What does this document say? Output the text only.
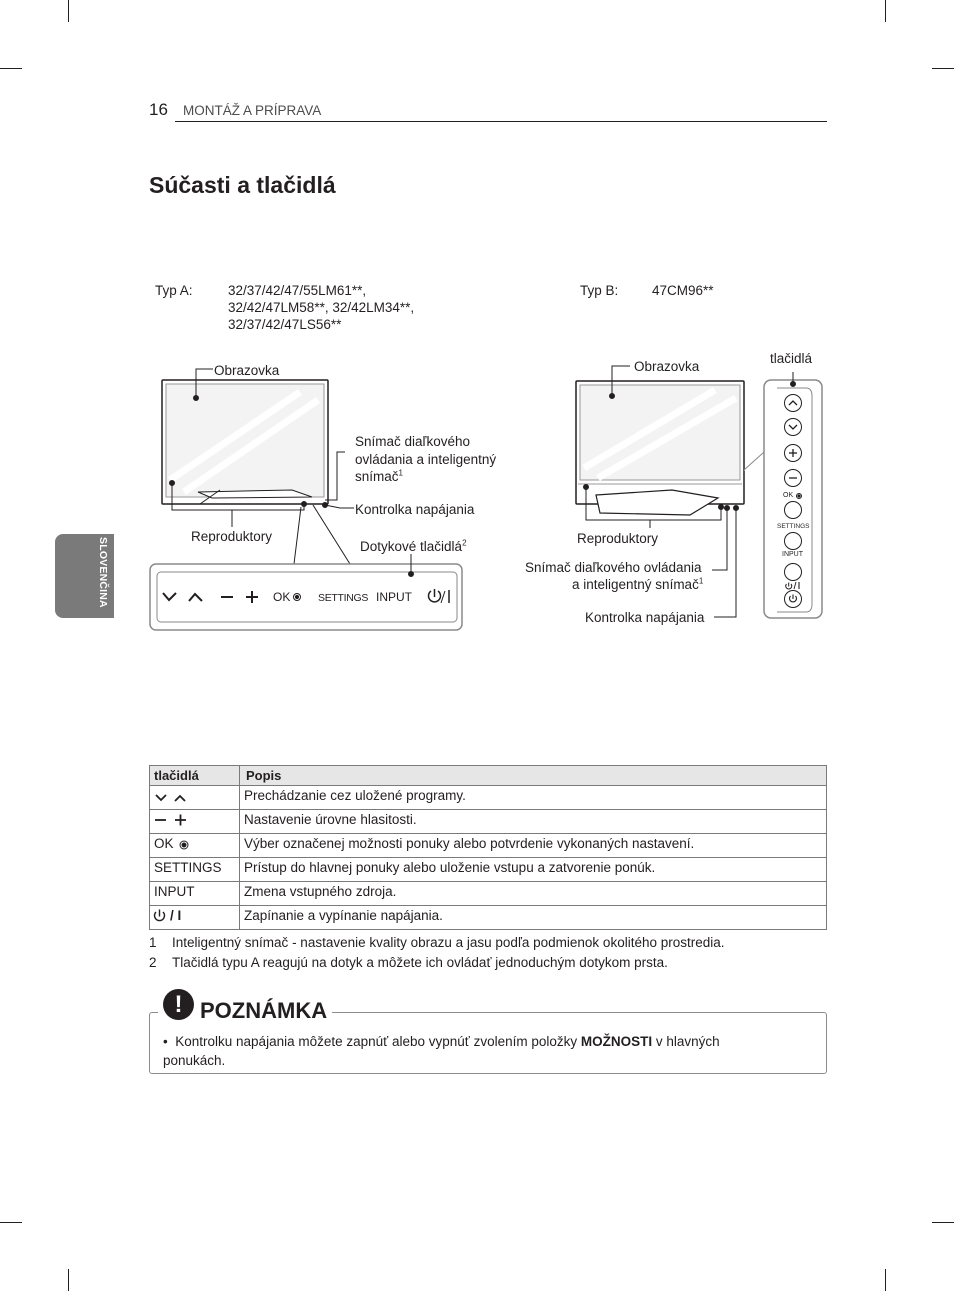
16 MONTÁŽ A PRÍPRAVA
Súčasti a tlačidlá
SLOVENČINA
Typ A:	32/37/42/47/55LM61**,
32/42/47LM58**, 32/42LM34**,
32/37/42/47LS56**
Obrazovka
Snímač diaľkového
ovládania a inteligentný
snímač$^1$
Kontrolka napájania
Reproduktory
Dotykové tlačidlá$^2$
OK	SETTINGS INPUT
Typ B: 47CM96**
Obrazovka
tlačidlá
Reproduktory
Snímač diaľkového ovládania
a inteligentný snímač$^1$
Kontrolka napájania
OK
SETTINGS
INPUT
tlačidlá	Popis
	Prechádzanie cez uložené programy.
	Nastavenie úrovne hlasitosti.
OK	Výber označenej možnosti ponuky alebo potvrdenie vykonaných nastavení.
SETTINGS	Prístup do hlavnej ponuky alebo uloženie vstupu a zatvorenie ponúk.
INPUT	Zmena vstupného zdroja.
/ I	Zapínanie a vypínanie napájania.
1 Inteligentný snímač - nastavenie kvality obrazu a jasu podľa podmienok okolitého prostredia.
2 Tlačidlá typu A reagujú na dotyk a môžete ich ovládať jednoduchým dotykom prsta.
! POZNÁMKA
• Kontrolku napájania môžete zapnúť alebo vypnúť zvolením položky MOŽNOSTI v hlavných ponukách.
